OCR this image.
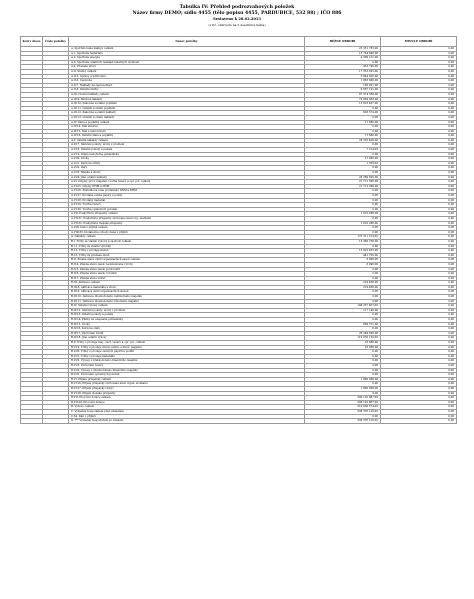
Tabulka IV: Přehled podrozvahových položek
Název firmy DEMO; sídlo 4455 (tělo popisu 4455, PARDUBICE, 532 88) ; IČO 886
Sestaveno k 28.02.2013
(v Kč, zahrnuté na 2 desetinná místa)
Kód v úloze	Číslo položky	Název položky	BĚŽNÉ OBDOBÍ	MINULÉ OBDOBÍ
		A. Spotřebované nákupy celkem	25 351 783,00	0,00
		A.1. Spotřeba materiálu	13 744 846,00	0,00
		A.2. Spotřeba energie	4 309 101,00	0,00
		A.3. Spotřeba ostatních neskladovatelných dodávek	0,00	0,00
		A.4. Prodané zboží	453 790,00	0,00
		A.II. Služby celkem	17 353 025,00	0,00
		A.II.5. Opravy a udržování	5 844 026,00	0,00
		A.II.6. Cestovné	1 683 068,00	0,00
		A.II.7. Náklady na reprezentaci	166 021,00	0,00
		A.II.8. Ostatní služby	9 667 191,00	0,00
		A.III. Osobní náklady celkem	87 374 568,00	0,00
		A.III.9. Mzdové náklady	72 669 383,00	0,00
		A.III.10. Zákonné sociální pojištění	13 816 407,00	0,00
		A.III.11. Ostatní sociální pojištění	0,00	0,00
		A.III.12. Zákonné sociální náklady	603 374,00	0,00
		A.III.13. Ostatní sociální náklady	0,00	0,00
		A.IV. Daně a poplatky celkem	71 680,00	0,00
		A.IV.14. Daň silniční	0,00	0,00
		A.IV.15. Daň z nemovitostí	0,00	0,00
		A.IV.16. Ostatní daně a poplatky	71 680,00	0,00
		A.V. Ostatní náklady celkem	28 316 409,00	0,00
		A.V.17. Smluvní pokuty, úroky z prodlení	0,00	0,00
		A.V.18. Ostatní pokuty a penále	7 154,00	0,00
		A.V.19. Odpis nedobytné pohledávky	0,00	0,00
		A.V.20. Úroky	17 960,00	0,00
		A.V.21. Kurzové ztráty	1 780,00	0,00
		A.V.22. Dary	0,00	0,00
		A.V.23. Manka a škody	0,00	0,00
		A.V.24. Jiné ostatní náklady	28 289 695,00	0,00
		A.VI. Odpisy, prod. majetek, tvorba rezerv a opr. pol. celkem	21 712 396,00	0,00
		A.VI.25. Odpisy DHM a DNM	21 712 396,00	0,00
		A.VI.26. Zůstatková cena prodaného DNM a DHM	0,00	0,00
		A.VI.27. Prodané cenné papíry a podíly	0,00	0,00
		A.VI.28. Prodaný materiál	0,00	0,00
		A.VI.29. Tvorba rezerv	0,00	0,00
		A.VI.30. Tvorba opravných položek	0,00	0,00
		A.VII. Poskytnuté příspěvky celkem	1 610 288,00	0,00
		A.VII.31. Poskytnuté příspěvky zúčtované mezi org. složkami	0,00	0,00
		A.VII.32. Poskytnuté členské příspěvky	1 610 288,00	0,00
		A.VIII. Daň z příjmů celkem	0,00	0,00
		A.VIII.33. Dodatečné odvody daně z příjmů	0,00	0,00
		A. Náklady celkem	172 311 154,00	0,00
		B.I. Tržby za vlastní výkony a za zboží celkem	13 466 738,00	0,00
		B.I.1. Tržby za vlastní výrobky	0,00	0,00
		B.I.2. Tržby z prodeje služeb	13 025 033,00	0,00
		B.I.3. Tržby za prodané zboží	441 705,00	0,00
		B.II. Změna stavu vnitroorganizačních zásob celkem	-3 098,00	0,00
		B.II.4. Změna stavu zásob nedokončené výroby	-3 098,00	0,00
		B.II.5. Změna stavu zásob polotovarů	0,00	0,00
		B.II.6. Změna stavu zásob výrobků	0,00	0,00
		B.II.7. Změna stavu zvířat	0,00	0,00
		B.III. Aktivace celkem	219 468,00	0,00
		B.III.8. Aktivace materiálu a zboží	219 468,00	0,00
		B.III.9. Aktivace vnitroorganizačních služeb	0,00	0,00
		B.III.10. Aktivace dlouhodobého nehmotného majetku	0,00	0,00
		B.III.11. Aktivace dlouhodobého hmotného majetku	0,00	0,00
		B.IV. Ostatní výnosy celkem	148 257 467,00	0,00
		B.IV.12. Smluvní pokuty, úroky z prodlení	117 146,00	0,00
		B.IV.13. Ostatní pokuty a penále	0,00	0,00
		B.IV.14. Platby za odepsané pohledávky	0,00	0,00
		B.IV.15. Úroky	669 751,00	0,00
		B.IV.16. Kurzové zisky	0,00	0,00
		B.IV.17. Zúčtování fondů	28 394 840,00	0,00
		B.IV.18. Jiné ostatní výnosy	119 076 130,00	0,00
		B.V. Tržby z prodeje maj., zúčt. rezerv a opr. pol. celkem	18 088,00	0,00
		B.V.19. Tržby z prodeje dlouh. nehm. a hmot. majetku	18 088,00	0,00
		B.V.20. Tržby z prodeje cenných papírů a podílů	0,00	0,00
		B.V.21. Tržby z prodeje materiálu	0,00	0,00
		B.V.22. Výnosy z krátkodobého finančního majetku	0,00	0,00
		B.V.23. Zúčtování rezerv	0,00	0,00
		B.V.24. Výnosy z dlouhodobého finančního majetku	0,00	0,00
		B.V.25. Zúčtování opravných položek	0,00	0,00
		B.VI. Přijaté příspěvky celkem	1 860 068,00	0,00
		B.VI.26. Přijaté příspěvky zúčtované mezi organ. složkami	0,00	0,00
		B.VI.27. Přijaté příspěvky (dary)	1 860 068,00	0,00
		B.VI.28. Přijaté členské příspěvky	0,00	0,00
		B.VII. Provozní dotace celkem	346 120 887,00	0,00
		B.VII.29. Provozní dotace	346 120 887,00	0,00
		B. Výnosy celkem	510 938 374,00	0,00
		C. Výsledek hospodaření před zdaněním	338 376 120,00	0,00
		C.34. Daň z příjmů	0,00	0,00
		D. *** Výsledek hospodaření po zdanění	338 376 120,00	0,00
